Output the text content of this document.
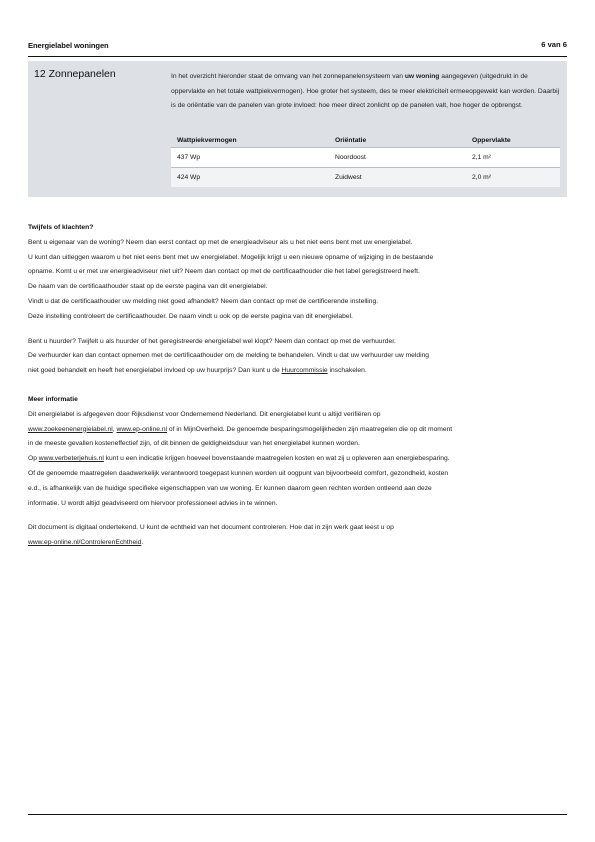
Energielabel woningen	6 van 6
12 Zonnepanelen	In het overzicht hieronder staat de omvang van het zonnepanelensysteem van uw woning aangegeven (uitgedrukt in de oppervlakte en het totale wattpiekvermogen). Hoe groter het systeem, des te meer elektriciteit ermeeopgewekt kan worden. Daarbij is de oriëntatie van de panelen van grote invloed: hoe meer direct zonlicht op de panelen valt, hoe hoger de opbrengst.
Wattpiekvermogen	Oriëntatie	Oppervlakte
437 Wp	Noordoost	2,1 m²
424 Wp	Zuidwest	2,0 m²
Twijfels of klachten?
Bent u eigenaar van de woning? Neem dan eerst contact op met de energieadviseur als u het niet eens bent met uw energielabel.
U kunt dan uitleggen waarom u het niet eens bent met uw energielabel. Mogelijk krijgt u een nieuwe opname of wijziging in de bestaande
opname. Komt u er met uw energieadviseur niet uit? Neem dan contact op met de certificaathouder die het label geregistreerd heeft.
De naam van de certificaathouder staat op de eerste pagina van dit energielabel.
Vindt u dat de certificaathouder uw melding niet goed afhandelt? Neem dan contact op met de certificerende instelling.
Deze instelling controleert de certificaathouder. De naam vindt u ook op de eerste pagina van dit energielabel.
Bent u huurder? Twijfelt u als huurder of het geregistreerde energielabel wel klopt? Neem dan contact op met de verhuurder.
De verhuurder kan dan contact opnemen met de certificaathouder om de melding te behandelen. Vindt u dat uw verhuurder uw melding
niet goed behandelt en heeft het energielabel invloed op uw huurprijs? Dan kunt u de Huurcommissie inschakelen.
Meer informatie
Dit energielabel is afgegeven door Rijksdienst voor Ondernemend Nederland. Dit energielabel kunt u altijd verifiëren op
www.zoekeenenergielabel.nl, www.ep-online.nl of in MijnOverheid. De genoemde besparingsmogelijkheden zijn maatregelen die op dit moment
in de meeste gevallen kosteneffectief zijn, of dit binnen de geldigheidsduur van het energielabel kunnen worden.
Op www.verbeterjehuis.nl kunt u een indicatie krijgen hoeveel bovenstaande maatregelen kosten en wat zij u opleveren aan energiebesparing.
Of de genoemde maatregelen daadwerkelijk verantwoord toegepast kunnen worden uit oogpunt van bijvoorbeeld comfort, gezondheid, kosten
e.d., is afhankelijk van de huidige specifieke eigenschappen van uw woning. Er kunnen daarom geen rechten worden ontleend aan deze
informatie. U wordt altijd geadviseerd om hiervoor professioneel advies in te winnen.
Dit document is digitaal ondertekend. U kunt de echtheid van het document controleren. Hoe dat in zijn werk gaat leest u op
www.ep-online.nl/ControlerenEchtheid.
